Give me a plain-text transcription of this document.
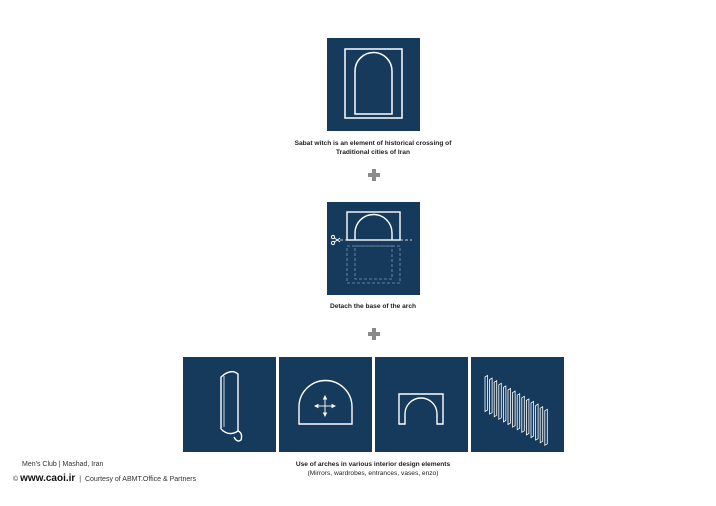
Sabat witch is an element of historical crossing of Traditional cities of Iran
Detach the base of the arch
Use of arches in various interior design elements
(Mirrors, wardrobes, entrances, vases, enzo)
Men's Club | Mashad, Iran
© www.caoi.ir | Courtesy of ABMT.Office & Partners
